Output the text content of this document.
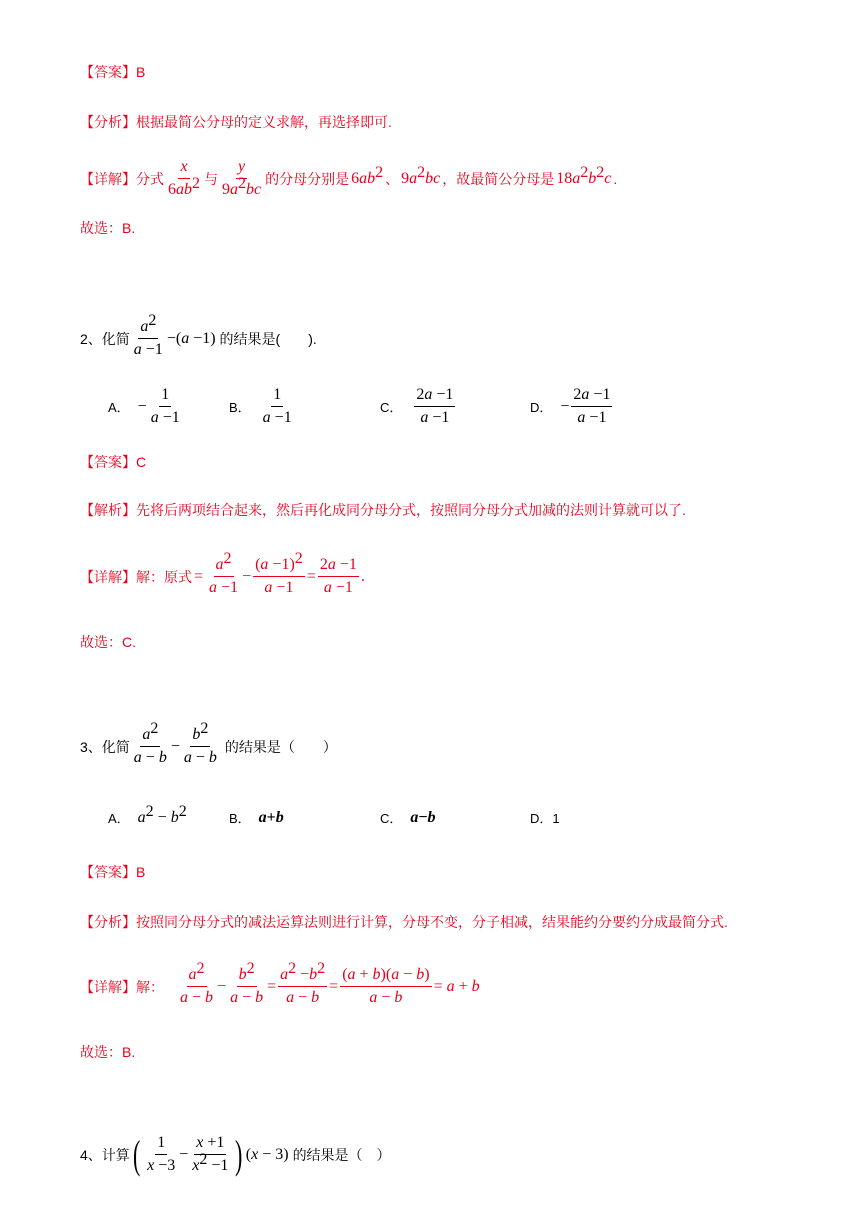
【答案】B
【分析】根据最简公分母的定义求解，再选择即可.
【详解】分式 $\frac{x}{6ab^2}$ 与 $\frac{y}{9a^2bc}$ 的分母分别是 $6ab^2$ 、 $9a^2bc$ ，故最简公分母是 $18a^2b^2c$ .
故选：B.
2、化简 $\frac{a^2}{a -1} -(a -1)$ 的结果是(　　).
A． − $\frac{1}{a -1}$	B． $\frac{1}{a -1}$	C． $\frac{2a -1}{a -1}$	D． − $\frac{2a -1}{a -1}$
【答案】C
【解析】先将后两项结合起来，然后再化成同分母分式，按照同分母分式加减的法则计算就可以了.
【详解】解：原式 = $\frac{a^2}{a -1} - \frac{(a -1)^2}{a -1} = \frac{2a -1}{a -1}$ .
故选：C.
3、化简 $\frac{a^2}{a - b} - \frac{b^2}{a - b}$ 的结果是（　　）
A． $a^2 - b^2$	B． a+b	C． a−b	D．1
【答案】B
【分析】按照同分母分式的减法运算法则进行计算，分母不变，分子相减，结果能约分要约分成最简分式.
【详解】解： $\frac{a^2}{a - b} - \frac{b^2}{a - b} = \frac{a^2 -b^2}{a - b} = \frac{(a + b)(a - b)}{a - b} = a + b$
故选：B.
4、计算 ( $\frac{1}{x -3} - \frac{x +1}{x^2 -1}$ ) (x − 3) 的结果是（　）
